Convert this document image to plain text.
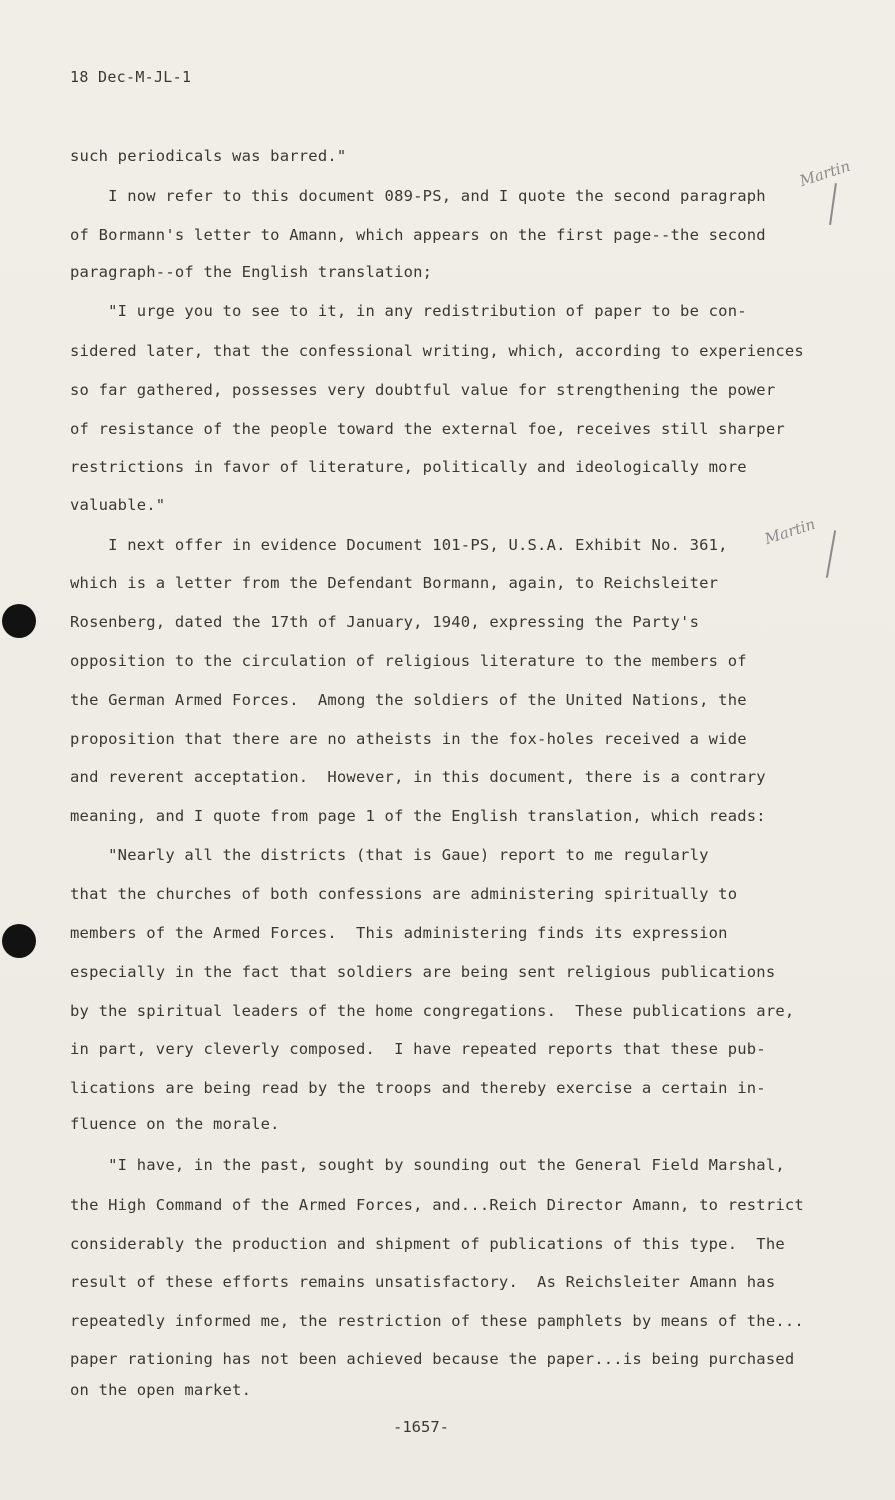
18 Dec-M-JL-1
such periodicals was barred."
I now refer to this document 089-PS, and I quote the second paragraph
of Bormann's letter to Amann, which appears on the first page--the second
paragraph--of the English translation;
"I urge you to see to it, in any redistribution of paper to be con-
sidered later, that the confessional writing, which, according to experiences
so far gathered, possesses very doubtful value for strengthening the power
of resistance of the people toward the external foe, receives still sharper
restrictions in favor of literature, politically and ideologically more
valuable."
I next offer in evidence Document 101-PS, U.S.A. Exhibit No. 361,
which is a letter from the Defendant Bormann, again, to Reichsleiter
Rosenberg, dated the 17th of January, 1940, expressing the Party's
opposition to the circulation of religious literature to the members of
the German Armed Forces.  Among the soldiers of the United Nations, the
proposition that there are no atheists in the fox-holes received a wide
and reverent acceptation.  However, in this document, there is a contrary
meaning, and I quote from page 1 of the English translation, which reads:
"Nearly all the districts (that is Gaue) report to me regularly
that the churches of both confessions are administering spiritually to
members of the Armed Forces.  This administering finds its expression
especially in the fact that soldiers are being sent religious publications
by the spiritual leaders of the home congregations.  These publications are,
in part, very cleverly composed.  I have repeated reports that these pub-
lications are being read by the troops and thereby exercise a certain in-
fluence on the morale.
"I have, in the past, sought by sounding out the General Field Marshal,
the High Command of the Armed Forces, and...Reich Director Amann, to restrict
considerably the production and shipment of publications of this type.  The
result of these efforts remains unsatisfactory.  As Reichsleiter Amann has
repeatedly informed me, the restriction of these pamphlets by means of the...
paper rationing has not been achieved because the paper...is being purchased
on the open market.
-1657-
Martin
Martin
